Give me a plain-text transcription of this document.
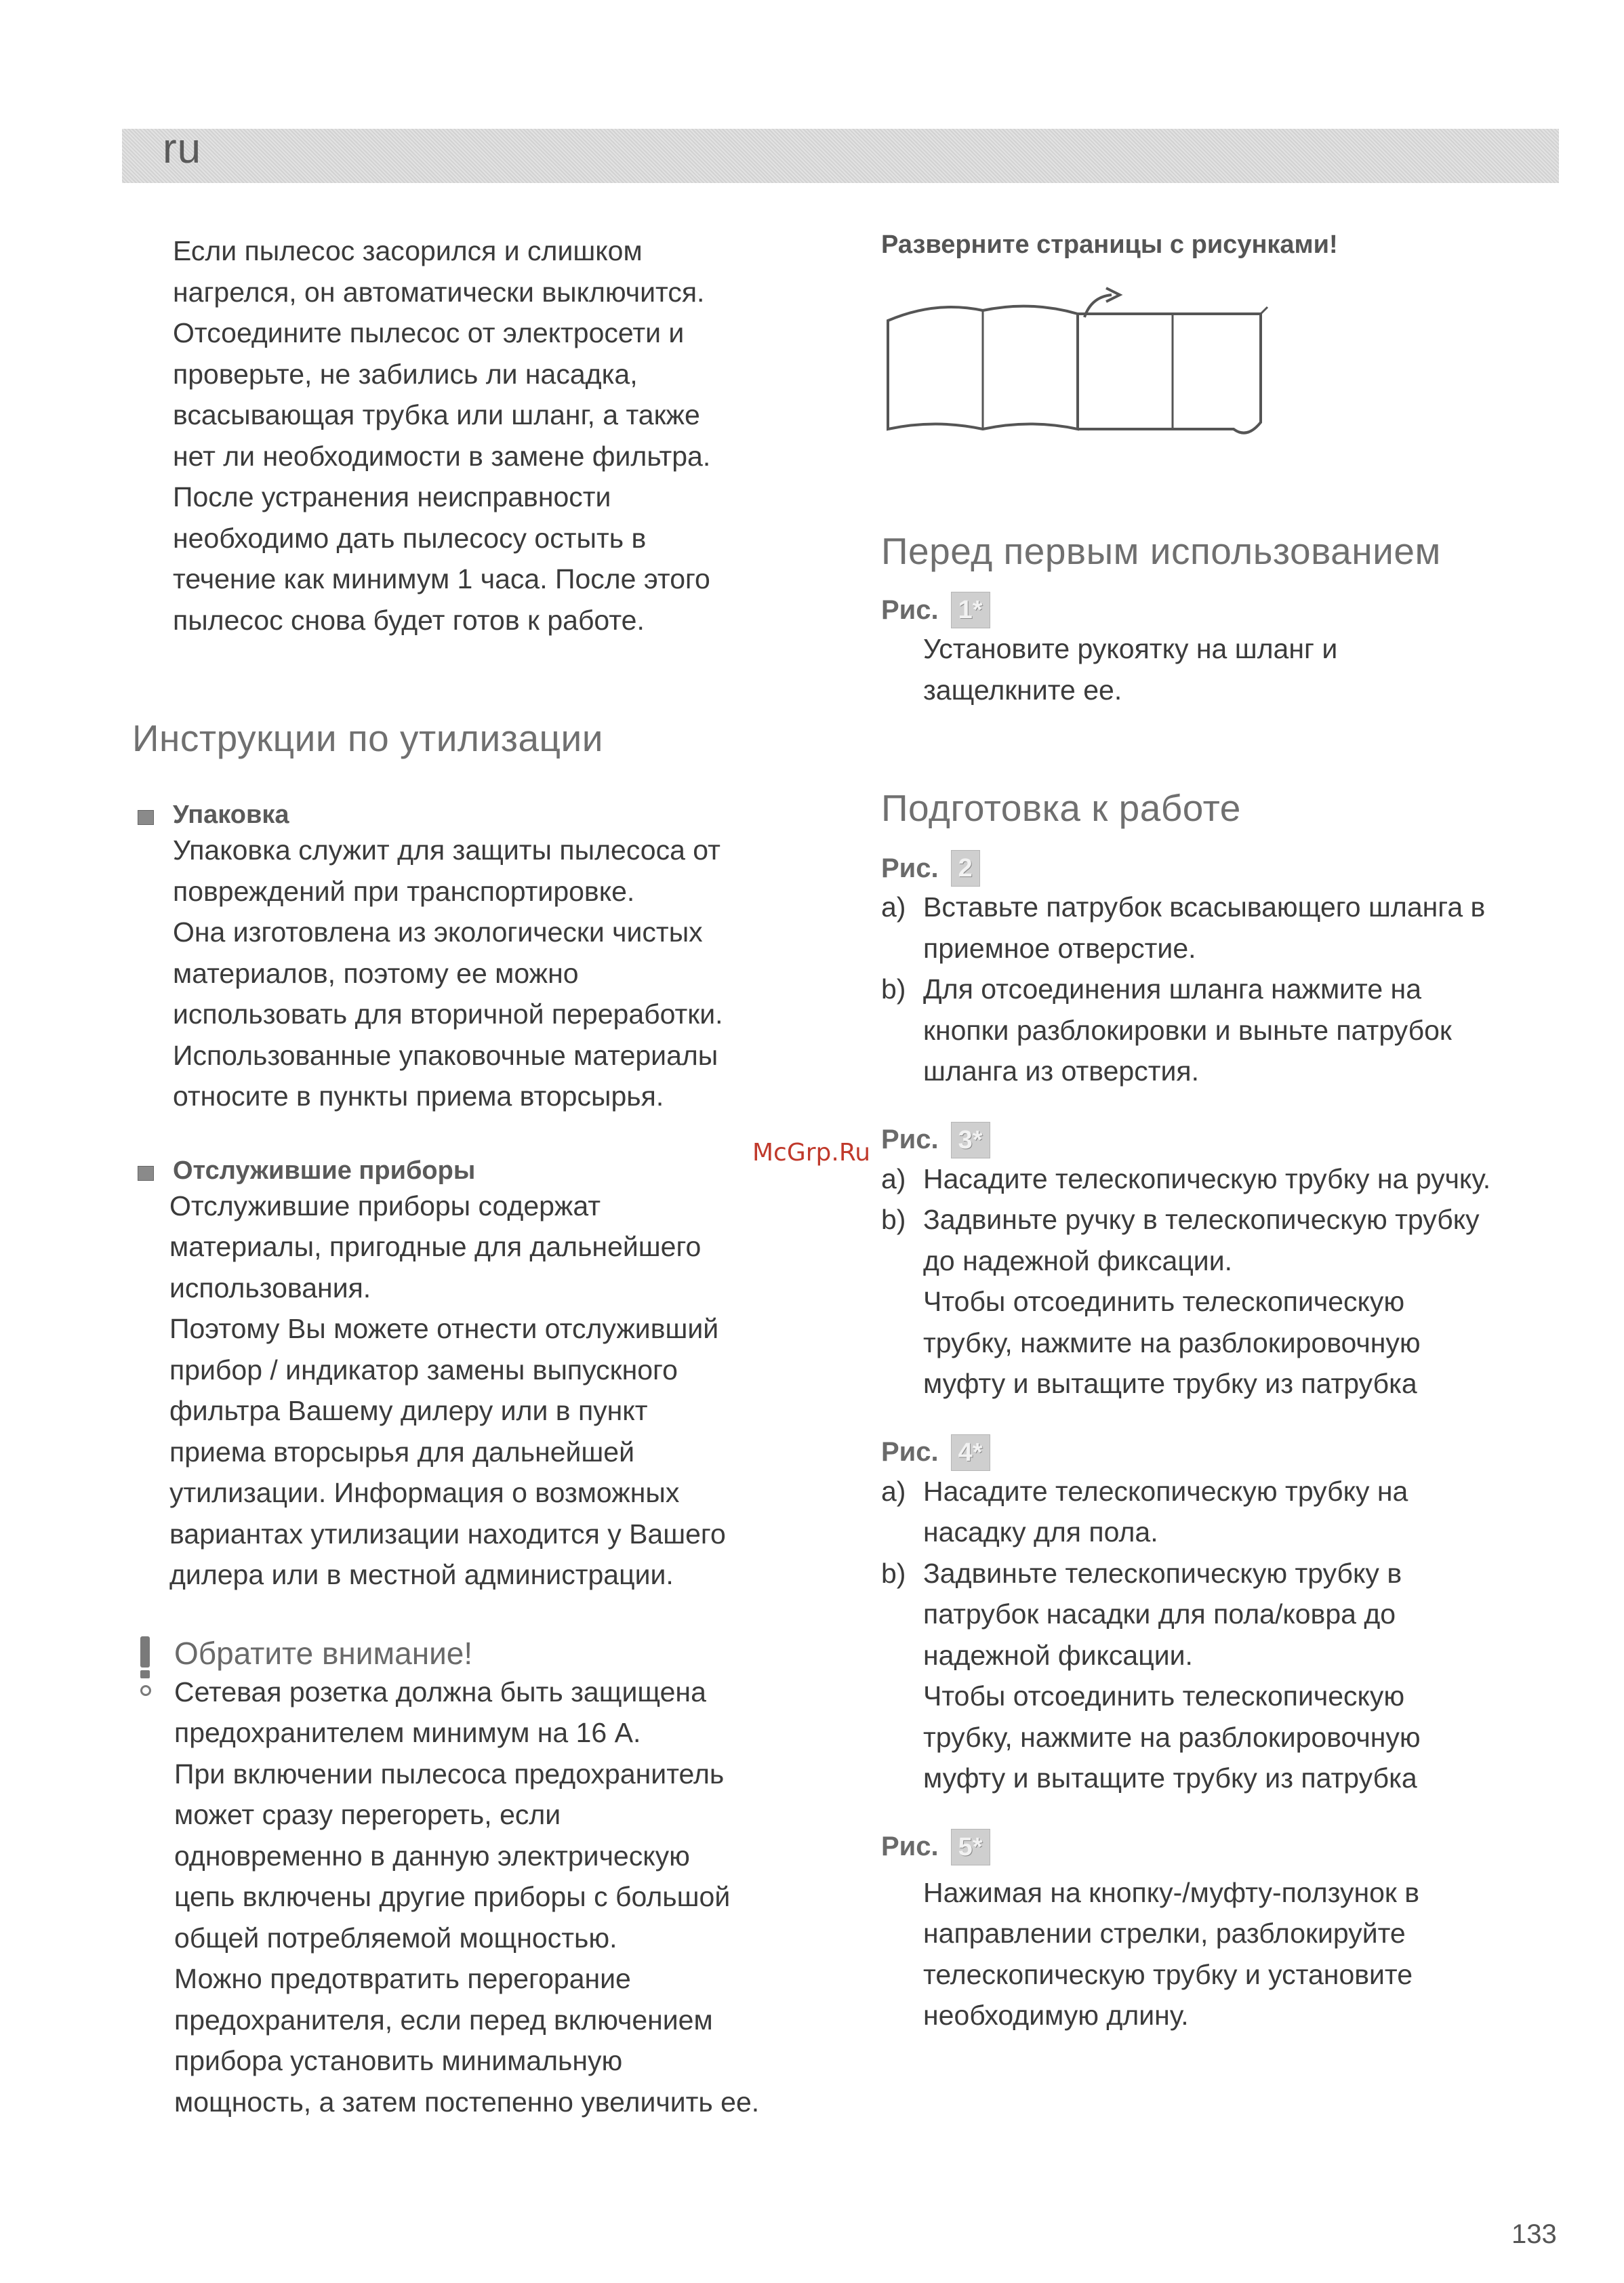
ru
Если пылесос засорился и слишком
нагрелся, он автоматически выключится.
Отсоедините пылесос от электросети и
проверьте, не забились ли насадка,
всасывающая трубка или шланг, а также
нет ли необходимости в замене фильтра.
После устранения неисправности
необходимо дать пылесосу остыть в
течение как минимум 1 часа. После этого
пылесос снова будет готов к работе.
Инструкции по утилизации
Упаковка
Упаковка служит для защиты пылесоса от
повреждений при транспортировке.
Она изготовлена из экологически чистых
материалов, поэтому ее можно
использовать для вторичной переработки.
Использованные упаковочные материалы
относите в пункты приема вторсырья.
Отслужившие приборы
Отслужившие приборы содержат
материалы, пригодные для дальнейшего
использования.
Поэтому Вы можете отнести отслуживший
прибор / индикатор замены выпускного
фильтра Вашему дилеру или в пункт
приема вторсырья для дальнейшей
утилизации. Информация о возможных
вариантах утилизации находится у Вашего
дилера или в местной администрации.
Обратите внимание!
Сетевая розетка должна быть защищена
предохранителем минимум на 16 А.
При включении пылесоса предохранитель
может сразу перегореть, если
одновременно в данную электрическую
цепь включены другие приборы с большой
общей потребляемой мощностью.
Можно предотвратить перегорание
предохранителя, если перед включением
прибора установить минимальную
мощность, а затем постепенно увеличить ее.
Разверните страницы с рисунками!
Перед первым использованием
Рис. 1*
Установите рукоятку на шланг и
защелкните ее.
Подготовка к работе
Рис. 2
a) Вставьте патрубок всасывающего шланга в
приемное отверстие.
b) Для отсоединения шланга нажмите на
кнопки разблокировки и выньте патрубок
шланга из отверстия.
Рис. 3*
a) Насадите телескопическую трубку на ручку.
b) Задвиньте ручку в телескопическую трубку
до надежной фиксации.
Чтобы отсоединить телескопическую
трубку, нажмите на разблокировочную
муфту и вытащите трубку из патрубка
Рис. 4*
a) Насадите телескопическую трубку на
насадку для пола.
b) Задвиньте телескопическую трубку в
патрубок насадки для пола/ковра до
надежной фиксации.
Чтобы отсоединить телескопическую
трубку, нажмите на разблокировочную
муфту и вытащите трубку из патрубка
Рис. 5*
Нажимая на кнопку-/муфту-ползунок в
направлении стрелки, разблокируйте
телескопическую трубку и установите
необходимую длину.
McGrp.Ru
133
